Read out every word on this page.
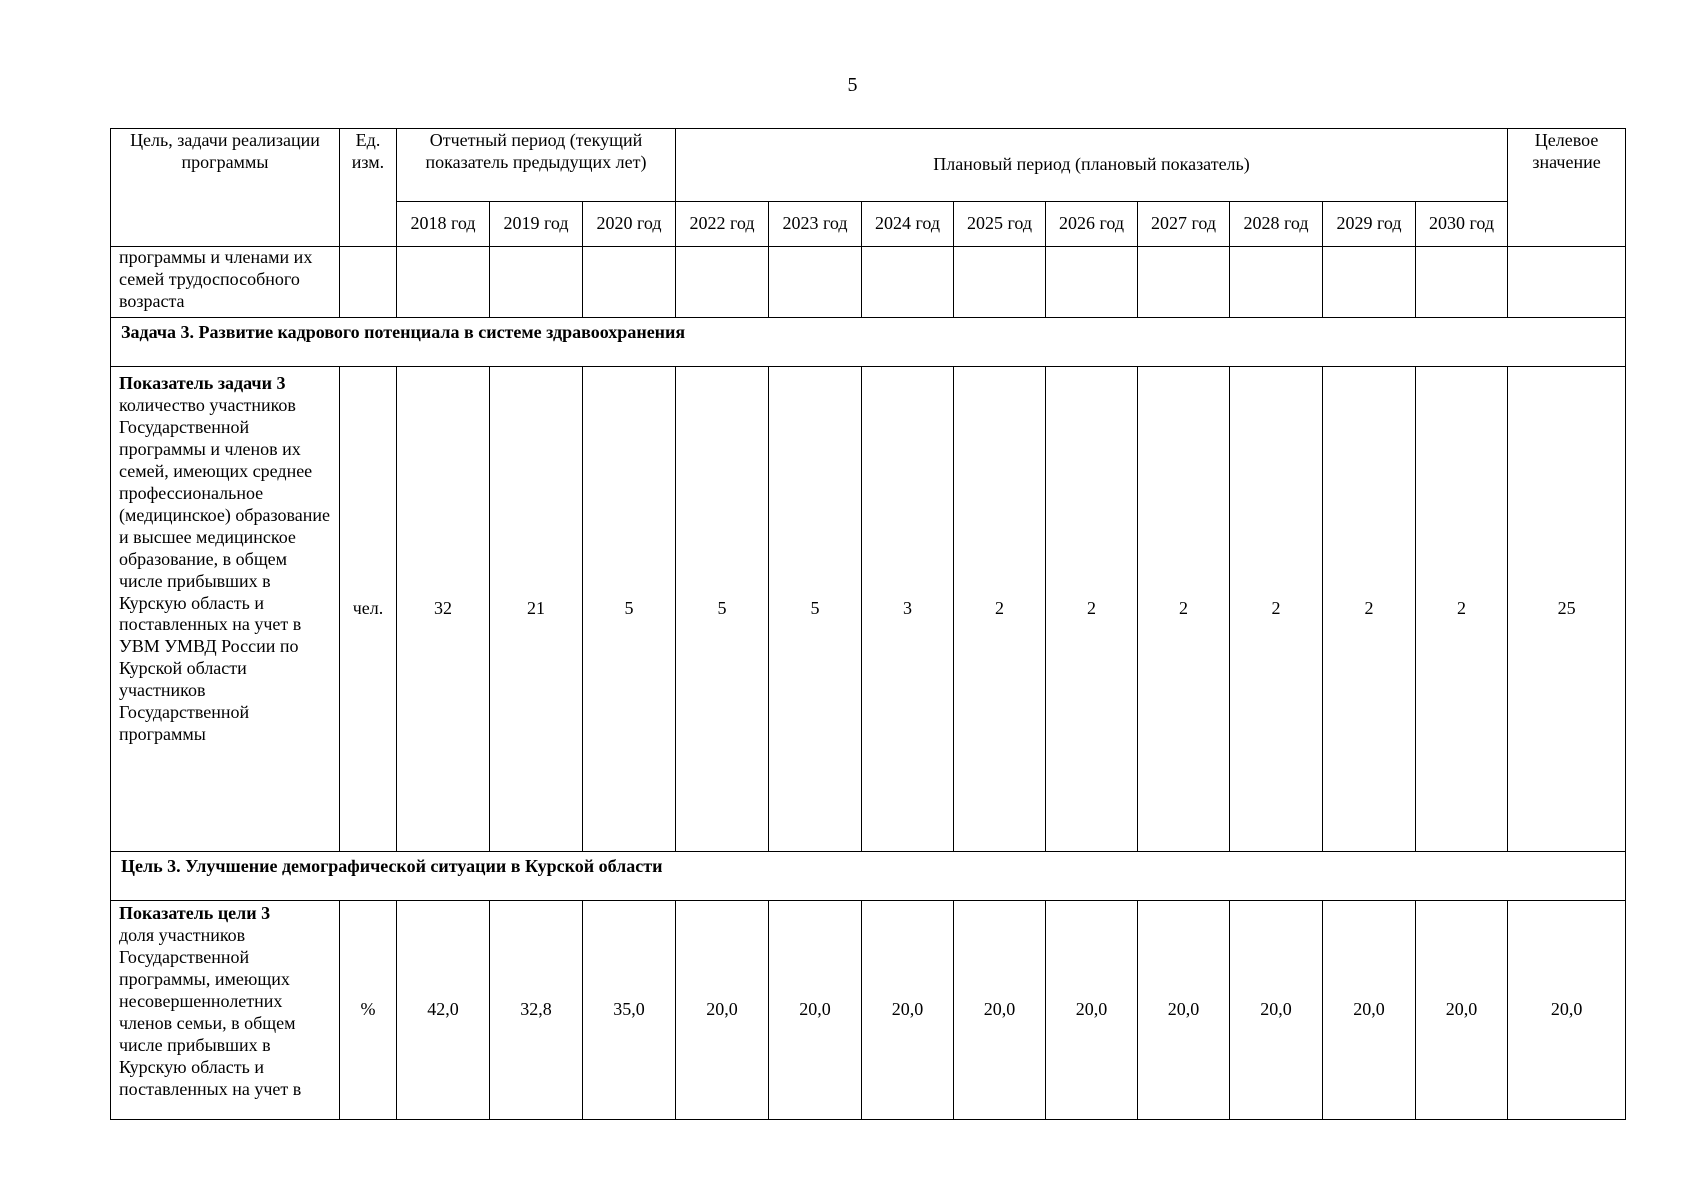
5
Цель, задачи реализации программы	Ед. изм.	Отчетный период (текущий показатель предыдущих лет)			Плановый период (плановый показатель)									Целевое значение
		2018 год	2019 год	2020 год	2022 год	2023 год	2024 год	2025 год	2026 год	2027 год	2028 год	2029 год	2030 год	
программы и членами их семей трудоспособного возраста														
Задача 3. Развитие кадрового потенциала в системе здравоохранения														

Показатель задачи 3

количество участников Государственной программы и членов их семей, имеющих среднее профессиональное (медицинское) образование и высшее медицинское образование, в общем числе прибывших в Курскую область и поставленных на учет в УВМ УМВД России по Курской области участников Государственной программы	чел.	32	21	5	5	5	3	2	2	2	2	2	2	25
Цель 3. Улучшение демографической ситуации в Курской области														

Показатель цели 3

доля участников Государственной программы, имеющих несовершеннолетних членов семьи, в общем числе прибывших в Курскую область и поставленных на учет в	%	42,0	32,8	35,0	20,0	20,0	20,0	20,0	20,0	20,0	20,0	20,0	20,0	20,0
